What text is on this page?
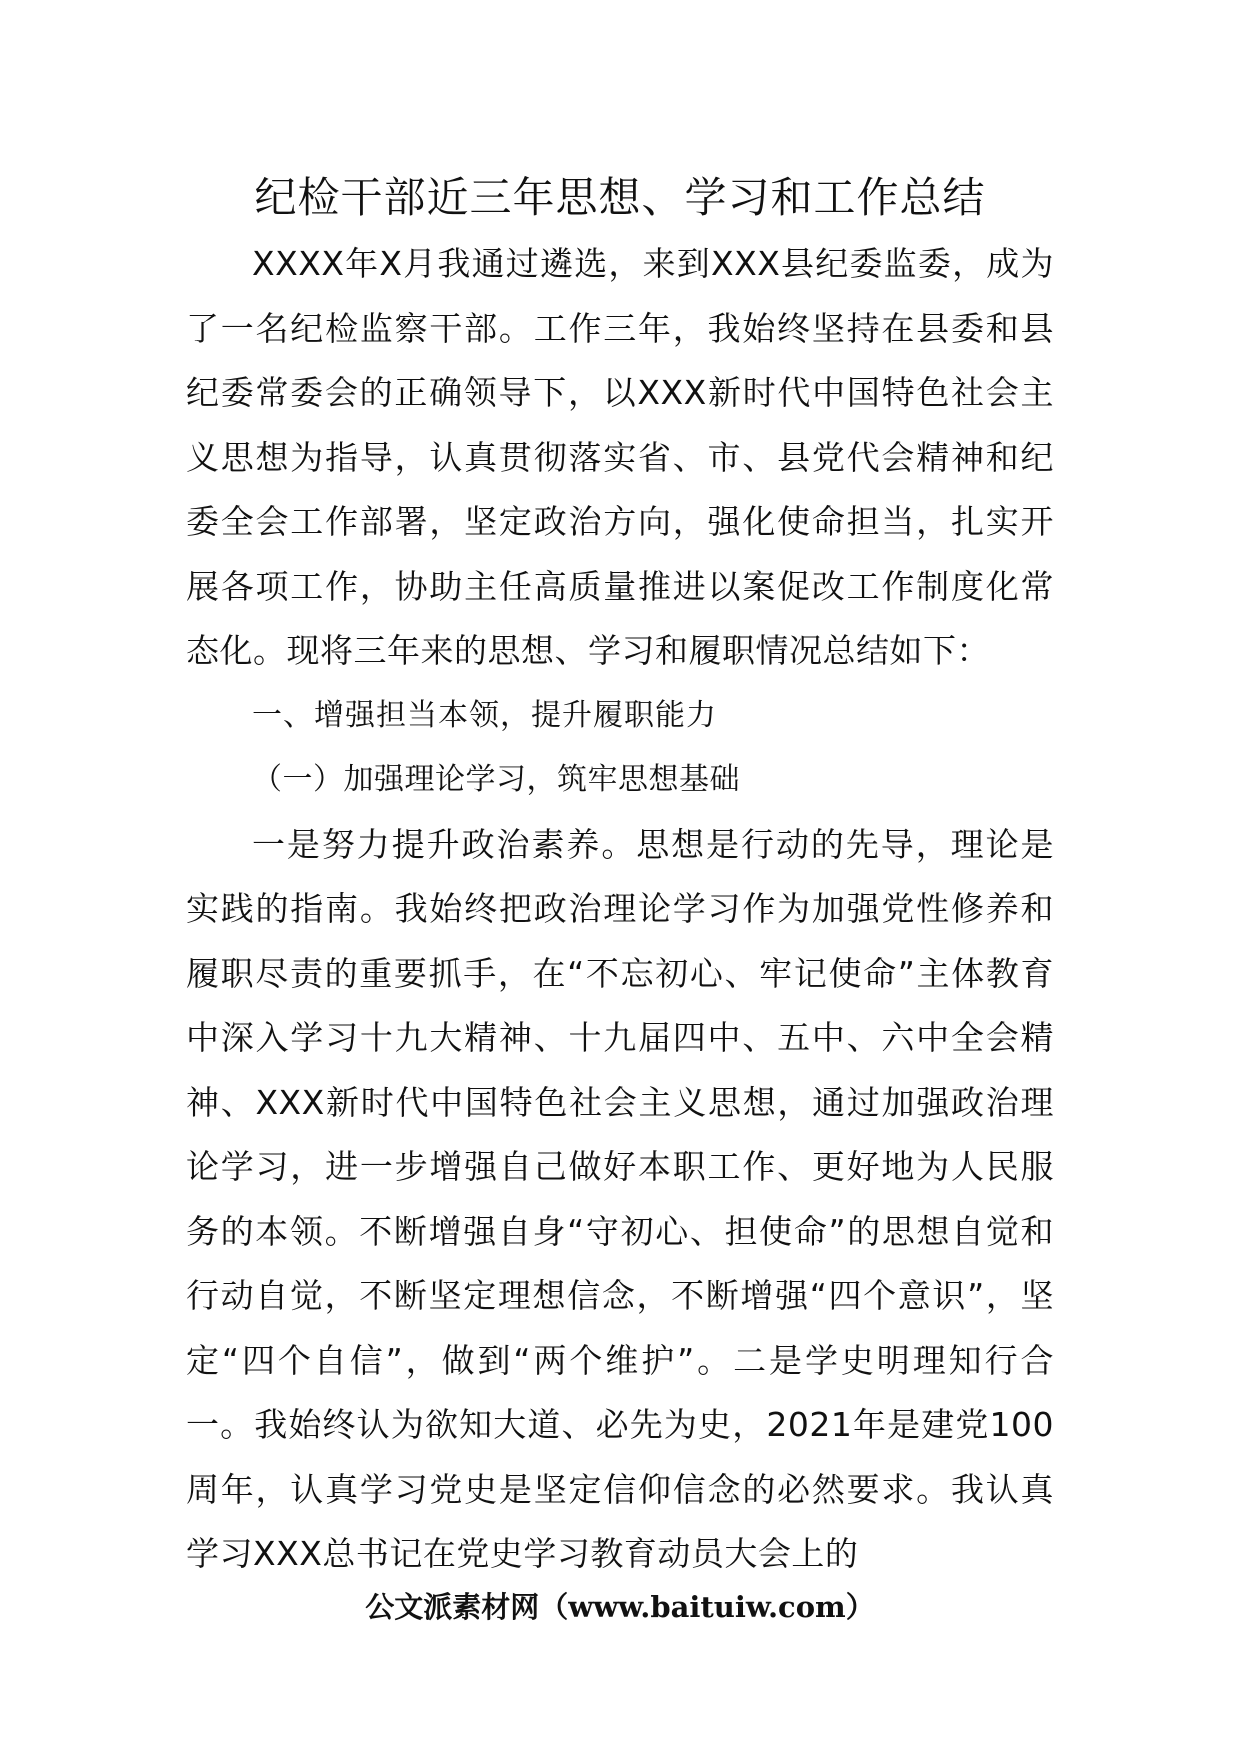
纪检干部近三年思想、学习和工作总结

XXXX年X月我通过遴选，来到XXX县纪委监委，成为了一名纪检监察干部。工作三年，我始终坚持在县委和县纪委常委会的正确领导下，以XXX新时代中国特色社会主义思想为指导，认真贯彻落实省、市、县党代会精神和纪委全会工作部署，坚定政治方向，强化使命担当，扎实开展各项工作，协助主任高质量推进以案促改工作制度化常态化。现将三年来的思想、学习和履职情况总结如下：

一、增强担当本领，提升履职能力

（一）加强理论学习，筑牢思想基础

一是努力提升政治素养。思想是行动的先导，理论是实践的指南。我始终把政治理论学习作为加强党性修养和履职尽责的重要抓手，在“不忘初心、牢记使命”主体教育中深入学习十九大精神、十九届四中、五中、六中全会精神、XXX新时代中国特色社会主义思想，通过加强政治理论学习，进一步增强自己做好本职工作、更好地为人民服务的本领。不断增强自身“守初心、担使命”的思想自觉和行动自觉，不断坚定理想信念，不断增强“四个意识”，坚定“四个自信”，做到“两个维护”。二是学史明理知行合一。我始终认为欲知大道、必先为史，2021年是建党100周年，认真学习党史是坚定信仰信念的必然要求。我认真学习XXX总书记在党史学习教育动员大会上的

公文派素材网（www.baituiw.com）
